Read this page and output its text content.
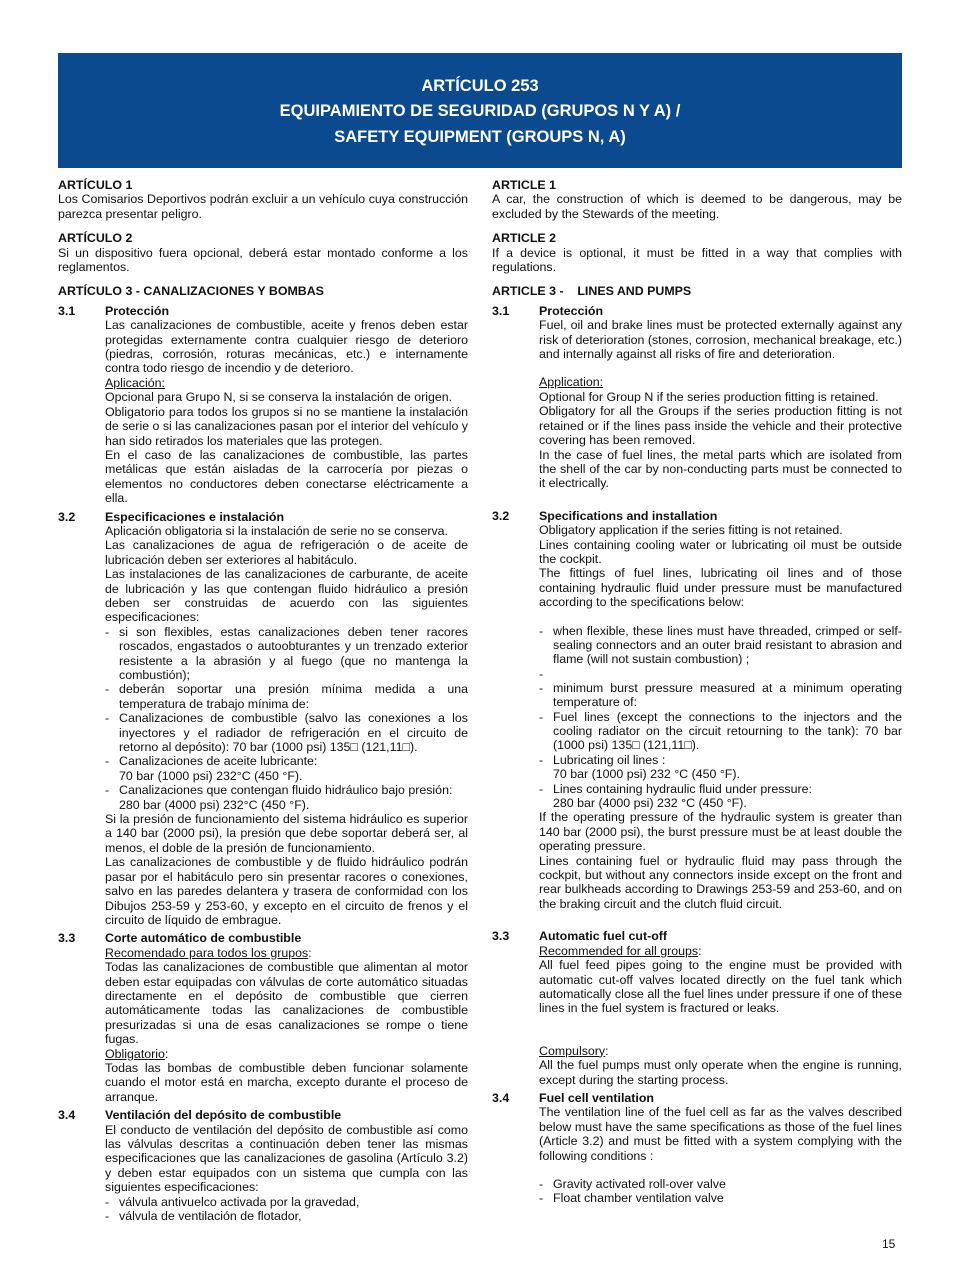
ARTÍCULO 253
EQUIPAMIENTO DE SEGURIDAD (GRUPOS N Y A) /
SAFETY EQUIPMENT (GROUPS N, A)
ARTÍCULO 1
Los Comisarios Deportivos podrán excluir a un vehículo cuya construcción parezca presentar peligro.
ARTÍCULO 2
Si un dispositivo fuera opcional, deberá estar montado conforme a los reglamentos.
ARTÍCULO 3 - CANALIZACIONES Y BOMBAS
3.1	Protección
Las canalizaciones de combustible, aceite y frenos deben estar protegidas externamente contra cualquier riesgo de deterioro (piedras, corrosión, roturas mecánicas, etc.) e internamente contra todo riesgo de incendio y de deterioro.
Aplicación:
Opcional para Grupo N, si se conserva la instalación de origen.
Obligatorio para todos los grupos si no se mantiene la instalación de serie o si las canalizaciones pasan por el interior del vehículo y han sido retirados los materiales que las protegen.
En el caso de las canalizaciones de combustible, las partes metálicas que están aisladas de la carrocería por piezas o elementos no conductores deben conectarse eléctricamente a ella.
3.2	Especificaciones e instalación
Aplicación obligatoria si la instalación de serie no se conserva.
Las canalizaciones de agua de refrigeración o de aceite de lubricación deben ser exteriores al habitáculo.
Las instalaciones de las canalizaciones de carburante, de aceite de lubricación y las que contengan fluido hidráulico a presión deben ser construidas de acuerdo con las siguientes especificaciones:
- si son flexibles, estas canalizaciones deben tener racores roscados, engastados o autoobturantes y un trenzado exterior resistente a la abrasión y al fuego (que no mantenga la combustión);
- deberán soportar una presión mínima medida a una temperatura de trabajo mínima de:
- Canalizaciones de combustible (salvo las conexiones a los inyectores y el radiador de refrigeración en el circuito de retorno al depósito): 70 bar (1000 psi) 135□ (121,11□).
- Canalizaciones de aceite lubricante:
70 bar (1000 psi) 232°C (450 °F).
- Canalizaciones que contengan fluido hidráulico bajo presión:
280 bar (4000 psi) 232°C (450 °F).
Si la presión de funcionamiento del sistema hidráulico es superior a 140 bar (2000 psi), la presión que debe soportar deberá ser, al menos, el doble de la presión de funcionamiento.
Las canalizaciones de combustible y de fluido hidráulico podrán pasar por el habitáculo pero sin presentar racores o conexiones, salvo en las paredes delantera y trasera de conformidad con los Dibujos 253-59 y 253-60, y excepto en el circuito de frenos y el circuito de líquido de embrague.
3.3	Corte automático de combustible
Recomendado para todos los grupos:
Todas las canalizaciones de combustible que alimentan al motor deben estar equipadas con válvulas de corte automático situadas directamente en el depósito de combustible que cierren automáticamente todas las canalizaciones de combustible presurizadas si una de esas canalizaciones se rompe o tiene fugas.
Obligatorio:
Todas las bombas de combustible deben funcionar solamente cuando el motor está en marcha, excepto durante el proceso de arranque.
3.4	Ventilación del depósito de combustible
El conducto de ventilación del depósito de combustible así como las válvulas descritas a continuación deben tener las mismas especificaciones que las canalizaciones de gasolina (Artículo 3.2) y deben estar equipados con un sistema que cumpla con las siguientes especificaciones:
- válvula antivuelco activada por la gravedad,
- válvula de ventilación de flotador,
ARTICLE 1
A car, the construction of which is deemed to be dangerous, may be excluded by the Stewards of the meeting.
ARTICLE 2
If a device is optional, it must be fitted in a way that complies with regulations.
ARTICLE 3 -    LINES AND PUMPS
3.1	Protección
Fuel, oil and brake lines must be protected externally against any risk of deterioration (stones, corrosion, mechanical breakage, etc.) and internally against all risks of fire and deterioration.
Application:
Optional for Group N if the series production fitting is retained.
Obligatory for all the Groups if the series production fitting is not retained or if the lines pass inside the vehicle and their protective covering has been removed.
In the case of fuel lines, the metal parts which are isolated from the shell of the car by non-conducting parts must be connected to it electrically.
3.2	Specifications and installation
Obligatory application if the series fitting is not retained.
Lines containing cooling water or lubricating oil must be outside the cockpit.
The fittings of fuel lines, lubricating oil lines and of those containing hydraulic fluid under pressure must be manufactured according to the specifications below:
- when flexible, these lines must have threaded, crimped or self-sealing connectors and an outer braid resistant to abrasion and flame (will not sustain combustion) ;
-
- minimum burst pressure measured at a minimum operating temperature of:
- Fuel lines (except the connections to the injectors and the cooling radiator on the circuit retourning to the tank): 70 bar (1000 psi) 135□ (121,11□).
- Lubricating oil lines :
70 bar (1000 psi) 232 °C (450 °F).
- Lines containing hydraulic fluid under pressure:
280 bar (4000 psi) 232 °C (450 °F).
If the operating pressure of the hydraulic system is greater than 140 bar (2000 psi), the burst pressure must be at least double the operating pressure.
Lines containing fuel or hydraulic fluid may pass through the cockpit, but without any connectors inside except on the front and rear bulkheads according to Drawings 253-59 and 253-60, and on the braking circuit and the clutch fluid circuit.
3.3	Automatic fuel cut-off
Recommended for all groups:
All fuel feed pipes going to the engine must be provided with automatic cut-off valves located directly on the fuel tank which automatically close all the fuel lines under pressure if one of these lines in the fuel system is fractured or leaks.
Compulsory:
All the fuel pumps must only operate when the engine is running, except during the starting process.
3.4	Fuel cell ventilation
The ventilation line of the fuel cell as far as the valves described below must have the same specifications as those of the fuel lines (Article 3.2) and must be fitted with a system complying with the following conditions :
- Gravity activated roll-over valve
- Float chamber ventilation valve
15
